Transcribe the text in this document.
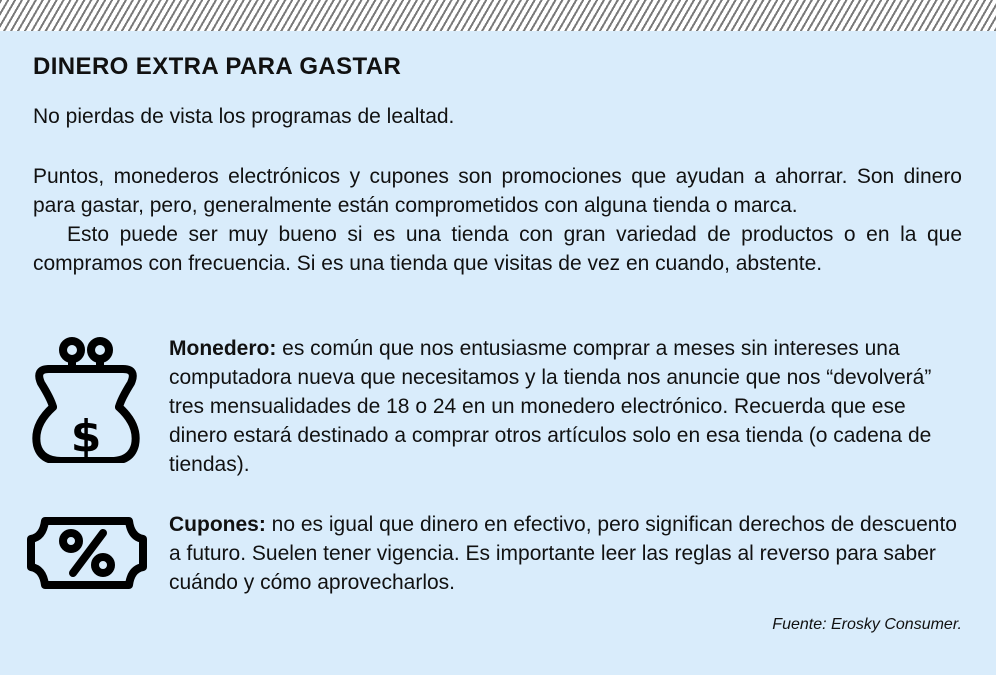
DINERO EXTRA PARA GASTAR

No pierdas de vista los programas de lealtad.

Puntos, monederos electrónicos y cupones son promociones que ayudan a ahorrar. Son dinero para gastar, pero, generalmente están comprometidos con alguna tienda o marca.

Esto puede ser muy bueno si es una tienda con gran variedad de productos o en la que compramos con frecuencia. Si es una tienda que visitas de vez en cuando, abstente.

$

Monedero: es común que nos entusiasme comprar a meses sin intereses una computadora nueva que necesitamos y la tienda nos anuncie que nos “devolverá” tres mensualidades de 18 o 24 en un monedero electrónico. Recuerda que ese dinero estará destinado a comprar otros artículos solo en esa tienda (o cadena de tiendas).

Cupones: no es igual que dinero en efectivo, pero significan derechos de descuento a futuro. Suelen tener vigencia. Es importante leer las reglas al reverso para saber cuándo y cómo aprovecharlos.

Fuente: Erosky Consumer.
